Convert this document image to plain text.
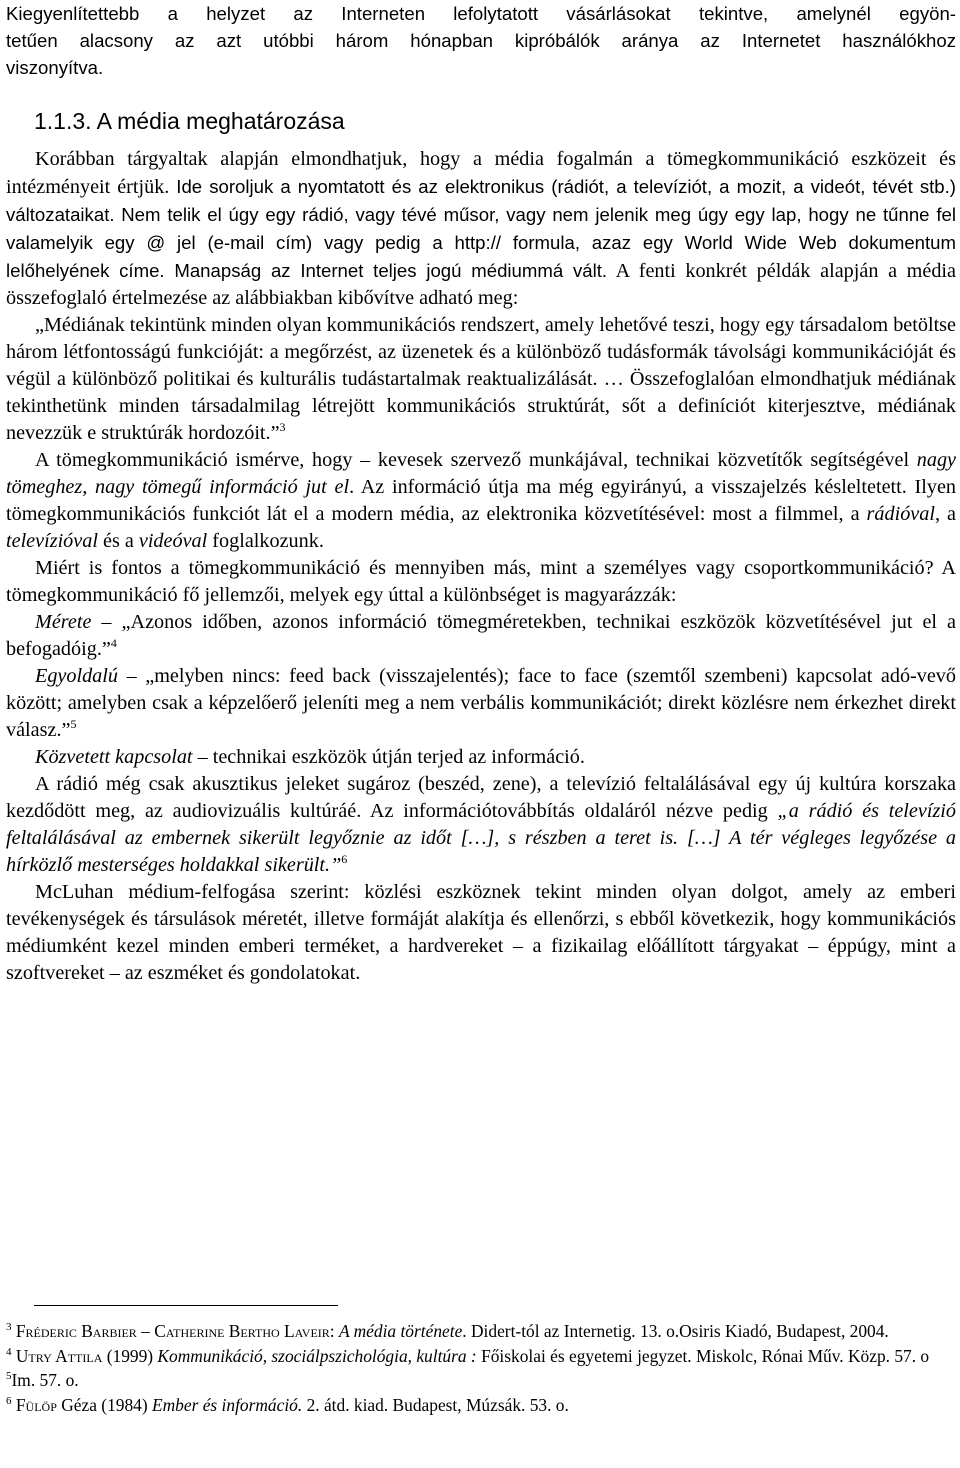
Kiegyenlítettebb a helyzet az Interneten lefolytatott vásárlásokat tekintve, amelynél egyön-
tetűen alacsony az azt utóbbi három hónapban kipróbálók aránya az Internetet használókhoz
viszonyítva.
1.1.3. A média meghatározása

Korábban tárgyaltak alapján elmondhatjuk, hogy a média fogalmán a tömegkommunikáció eszközeit és intézményeit értjük. Ide soroljuk a nyomtatott és az elektronikus (rádiót, a televíziót, a mozit, a videót, tévét stb.) változataikat. Nem telik el úgy egy rádió, vagy tévé műsor, vagy nem jelenik meg úgy egy lap, hogy ne tűnne fel valamelyik egy @ jel (e-mail cím) vagy pedig a http:// formula, azaz egy World Wide Web dokumentum lelőhelyének címe. Manapság az Internet teljes jogú médiummá vált. A fenti konkrét példák alapján a média összefoglaló értelmezése az alábbiakban kibővítve adható meg:

„Médiának tekintünk minden olyan kommunikációs rendszert, amely lehetővé teszi, hogy egy társadalom betöltse három létfontosságú funkcióját: a megőrzést, az üzenetek és a különböző tudásformák távolsági kommunikációját és végül a különböző politikai és kulturális tudástartalmak reaktualizálását. … Összefoglalóan elmondhatjuk médiának tekinthetünk minden társadalmilag létrejött kommunikációs struktúrát, sőt a definíciót kiterjesztve, médiának nevezzük e struktúrák hordozóit.”$^3$

A tömegkommunikáció ismérve, hogy – kevesek szervező munkájával, technikai közvetítők segítségével nagy tömeghez, nagy tömegű információ jut el. Az információ útja ma még egyirányú, a visszajelzés késleltetett. Ilyen tömegkommunikációs funkciót lát el a modern média, az elektronika közvetítésével: most a filmmel, a rádióval, a televízióval és a videóval foglalkozunk.

Miért is fontos a tömegkommunikáció és mennyiben más, mint a személyes vagy csoportkommunikáció? A tömegkommunikáció fő jellemzői, melyek egy úttal a különbséget is magyarázzák:

Mérete – „Azonos időben, azonos információ tömegméretekben, technikai eszközök közvetítésével jut el a befogadóig.”$^4$

Egyoldalú – „melyben nincs: feed back (visszajelentés); face to face (szemtől szembeni) kapcsolat adó-vevő között; amelyben csak a képzelőerő jeleníti meg a nem verbális kommunikációt; direkt közlésre nem érkezhet direkt válasz.”$^5$

Közvetett kapcsolat – technikai eszközök útján terjed az információ.

A rádió még csak akusztikus jeleket sugároz (beszéd, zene), a televízió feltalálásával egy új kultúra korszaka kezdődött meg, az audiovizuális kultúráé. Az információtovábbítás oldaláról nézve pedig „a rádió és televízió feltalálásával az embernek sikerült legyőznie az időt […], s részben a teret is. […] A tér végleges legyőzése a hírközlő mesterséges holdakkal sikerült.”$^6$

McLuhan médium-felfogása szerint: közlési eszköznek tekint minden olyan dolgot, amely az emberi tevékenységek és társulások méretét, illetve formáját alakítja és ellenőrzi, s ebből következik, hogy kommunikációs médiumként kezel minden emberi terméket, a hardvereket – a fizikailag előállított tárgyakat – éppúgy, mint a szoftvereket – az eszméket és gondolatokat.

$^3$ Fréderic Barbier – Catherine Bertho Laveir: A média története. Didert-tól az Internetig. 13. o.Osiris Kiadó, Budapest, 2004.

$^4$ Utry Attila (1999) Kommunikáció, szociálpszichológia, kultúra : Főiskolai és egyetemi jegyzet. Miskolc, Rónai Műv. Közp. 57. o

$^5$Im. 57. o.

$^6$ Fülöp Géza (1984) Ember és információ. 2. átd. kiad. Budapest, Múzsák. 53. o.
